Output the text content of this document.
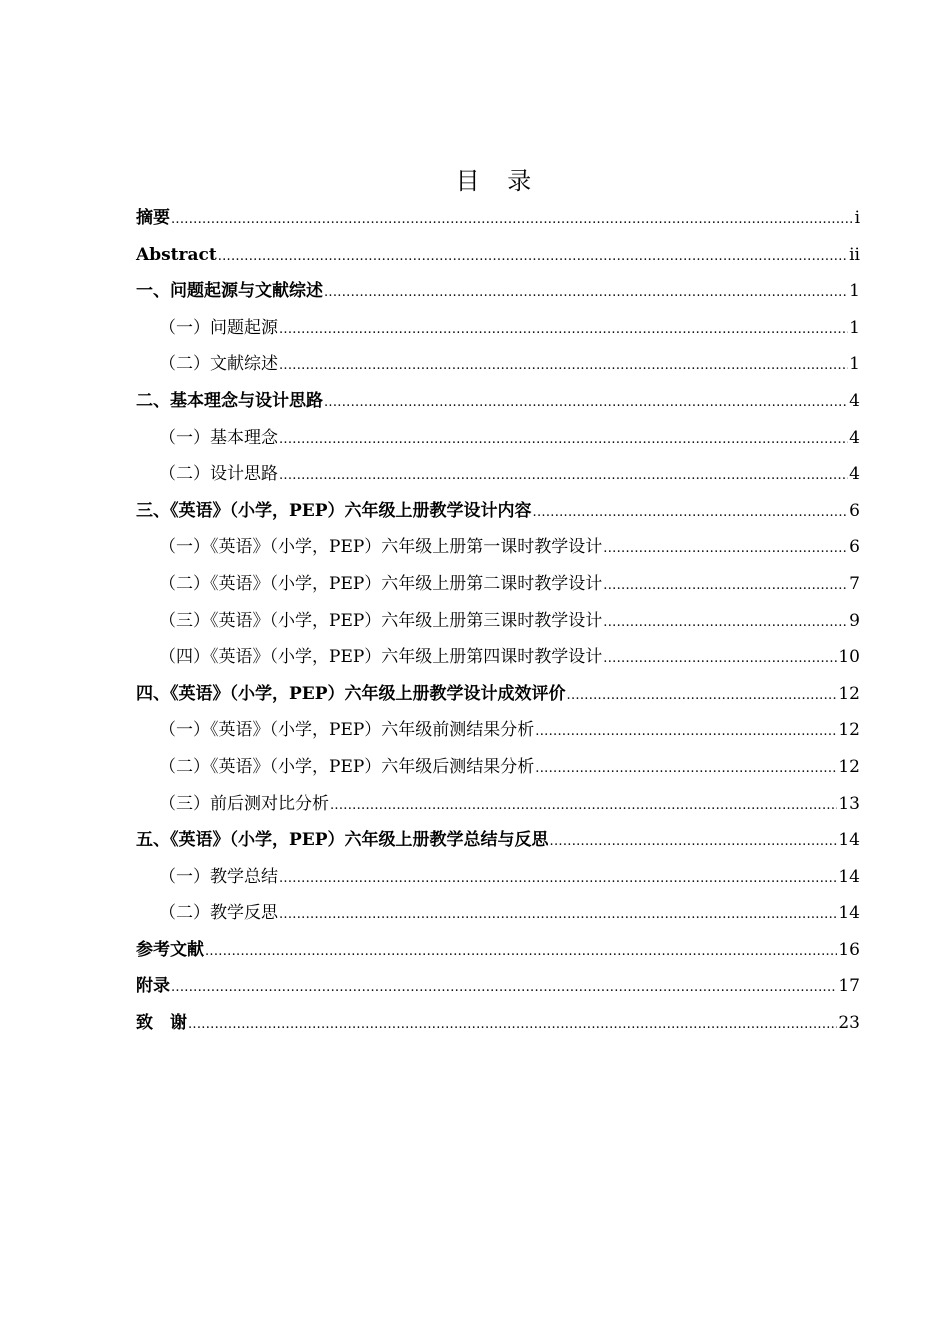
目 录
摘要 .....	i
Abstract .....	ii
一、问题起源与文献综述 .....	1
（一）问题起源 .....	1
（二）文献综述 .....	1
二、基本理念与设计思路 .....	4
（一）基本理念 .....	4
（二）设计思路 .....	4
三、《英语》（小学，PEP）六年级上册教学设计内容 .....	6
（一）《英语》（小学，PEP）六年级上册第一课时教学设计 .....	6
（二）《英语》（小学，PEP）六年级上册第二课时教学设计 .....	7
（三）《英语》（小学，PEP）六年级上册第三课时教学设计 .....	9
（四）《英语》（小学，PEP）六年级上册第四课时教学设计 .....	10
四、《英语》（小学，PEP）六年级上册教学设计成效评价 .....	12
（一）《英语》（小学，PEP）六年级前测结果分析 .....	12
（二）《英语》（小学，PEP）六年级后测结果分析 .....	12
（三）前后测对比分析 .....	13
五、《英语》（小学，PEP）六年级上册教学总结与反思 .....	14
（一）教学总结 .....	14
（二）教学反思 .....	14
参考文献 .....	16
附录 .....	17
致　谢 .....	23
